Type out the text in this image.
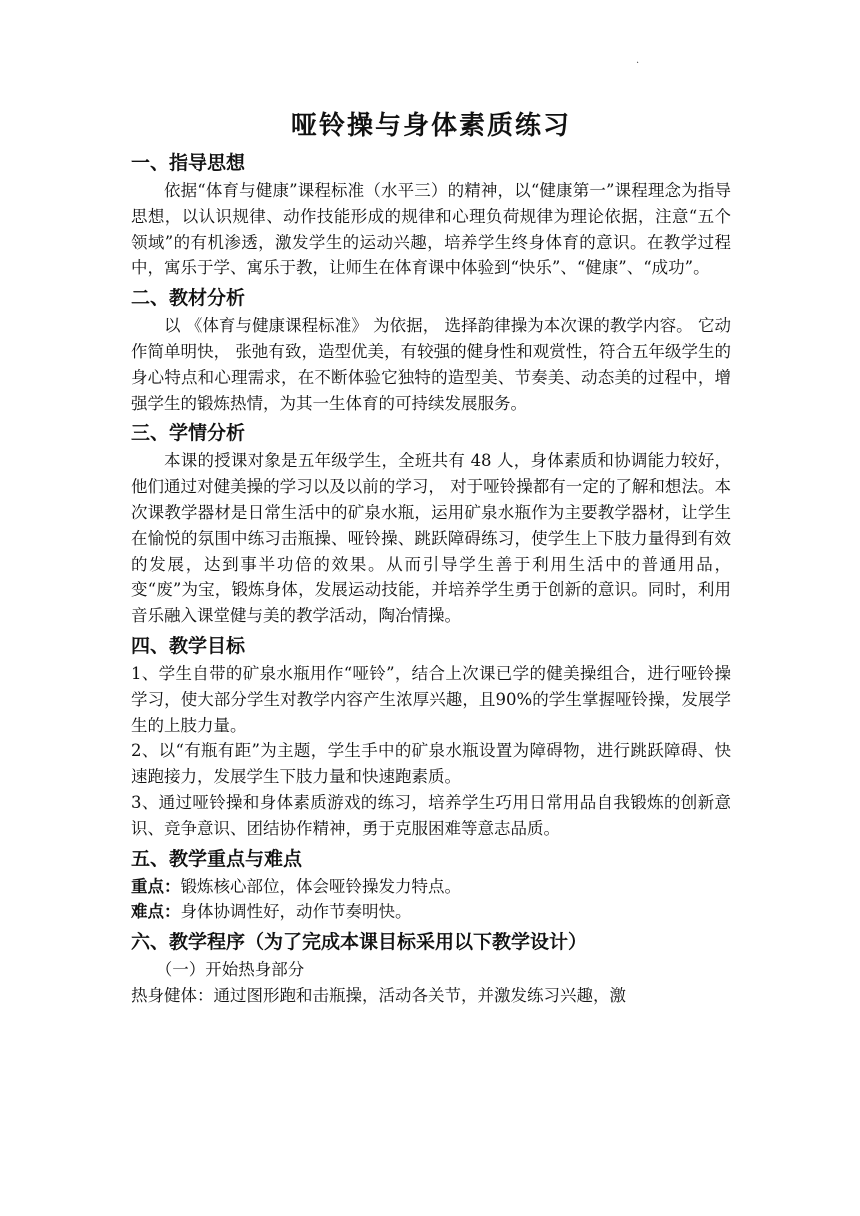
·
哑铃操与身体素质练习
一、指导思想

依据“体育与健康”课程标准（水平三）的精神，以“健康第一”课程理念为指导思想，以认识规律、动作技能形成的规律和心理负荷规律为理论依据，注意“五个领域”的有机渗透，激发学生的运动兴趣，培养学生终身体育的意识。在教学过程中，寓乐于学、寓乐于教，让师生在体育课中体验到“快乐”、“健康”、“成功”。

二、教材分析

以 《体育与健康课程标准》 为依据， 选择韵律操为本次课的教学内容。 它动作简单明快， 张弛有致，造型优美，有较强的健身性和观赏性，符合五年级学生的身心特点和心理需求，在不断体验它独特的造型美、节奏美、动态美的过程中，增强学生的锻炼热情，为其一生体育的可持续发展服务。

三、学情分析

本课的授课对象是五年级学生，全班共有 48 人，身体素质和协调能力较好，他们通过对健美操的学习以及以前的学习， 对于哑铃操都有一定的了解和想法。本次课教学器材是日常生活中的矿泉水瓶，运用矿泉水瓶作为主要教学器材，让学生在愉悦的氛围中练习击瓶操、哑铃操、跳跃障碍练习，使学生上下肢力量得到有效的发展，达到事半功倍的效果。从而引导学生善于利用生活中的普通用品，变“废”为宝，锻炼身体，发展运动技能，并培养学生勇于创新的意识。同时，利用音乐融入课堂健与美的教学活动，陶冶情操。

四、教学目标

1、学生自带的矿泉水瓶用作“哑铃”，结合上次课已学的健美操组合，进行哑铃操学习，使大部分学生对教学内容产生浓厚兴趣，且90%的学生掌握哑铃操，发展学生的上肢力量。

2、以“有瓶有距”为主题，学生手中的矿泉水瓶设置为障碍物，进行跳跃障碍、快速跑接力，发展学生下肢力量和快速跑素质。

3、通过哑铃操和身体素质游戏的练习，培养学生巧用日常用品自我锻炼的创新意识、竞争意识、团结协作精神，勇于克服困难等意志品质。

五、教学重点与难点

重点：锻炼核心部位，体会哑铃操发力特点。

难点：身体协调性好，动作节奏明快。

六、教学程序（为了完成本课目标采用以下教学设计）

（一）开始热身部分

热身健体：通过图形跑和击瓶操，活动各关节，并激发练习兴趣，激
